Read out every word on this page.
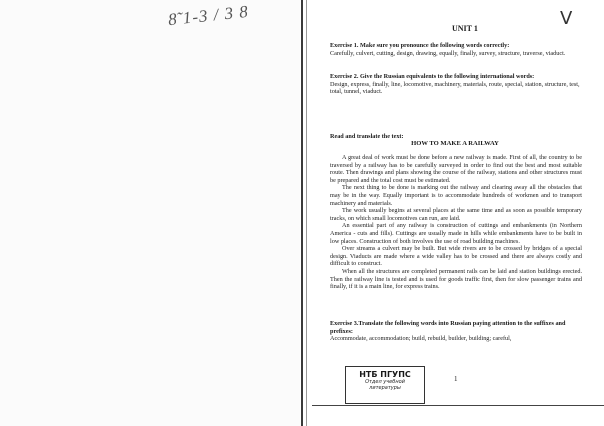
8̃ 1-3 / 3 8	V
UNIT 1
Exercise 1. Make sure you pronounce the following words correctly:
Carefully, culvert, cutting, design, drawing, equally, finally, survey, structure, traverse, viaduct.
Exercise 2. Give the Russian equivalents to the following international words:
Design, express, finally, line, locomotive, machinery, materials, route, special, station, structure, test, total, tunnel, viaduct.
Read and translate the text:
HOW TO MAKE A RAILWAY
A great deal of work must be done before a new railway is made. First of all, the country to be traversed by a railway has to be carefully surveyed in order to find out the best and most suitable route. Then drawings and plans showing the course of the railway, stations and other structures must be prepared and the total cost must be estimated.
The next thing to be done is marking out the railway and clearing away all the obstacles that may be in the way. Equally important is to accommodate hundreds of workmen and to transport machinery and materials.
The work usually begins at several places at the same time and as soon as possible temporary tracks, on which small locomotives can run, are laid.
An essential part of any railway is construction of cuttings and embankments (in Northern America - cuts and fills). Cuttings are usually made in hills while embankments have to be built in low places. Construction of both involves the use of road building machines.
Over streams a culvert may be built. But wide rivers are to be crossed by bridges of a special design. Viaducts are made where a wide valley has to be crossed and there are always costly and difficult to construct.
When all the structures are completed permanent rails can be laid and station buildings erected. Then the railway line is tested and is used for goods traffic first, then for slow passenger trains and finally, if it is a main line, for express trains.
Exercise 3.Translate the following words into Russian paying attention to the suffixes and prefixes:
Accommodate, accommodation; build, rebuild, builder, building; careful,
НТБ ПГУПС
Отдел учебной
литературы
1
